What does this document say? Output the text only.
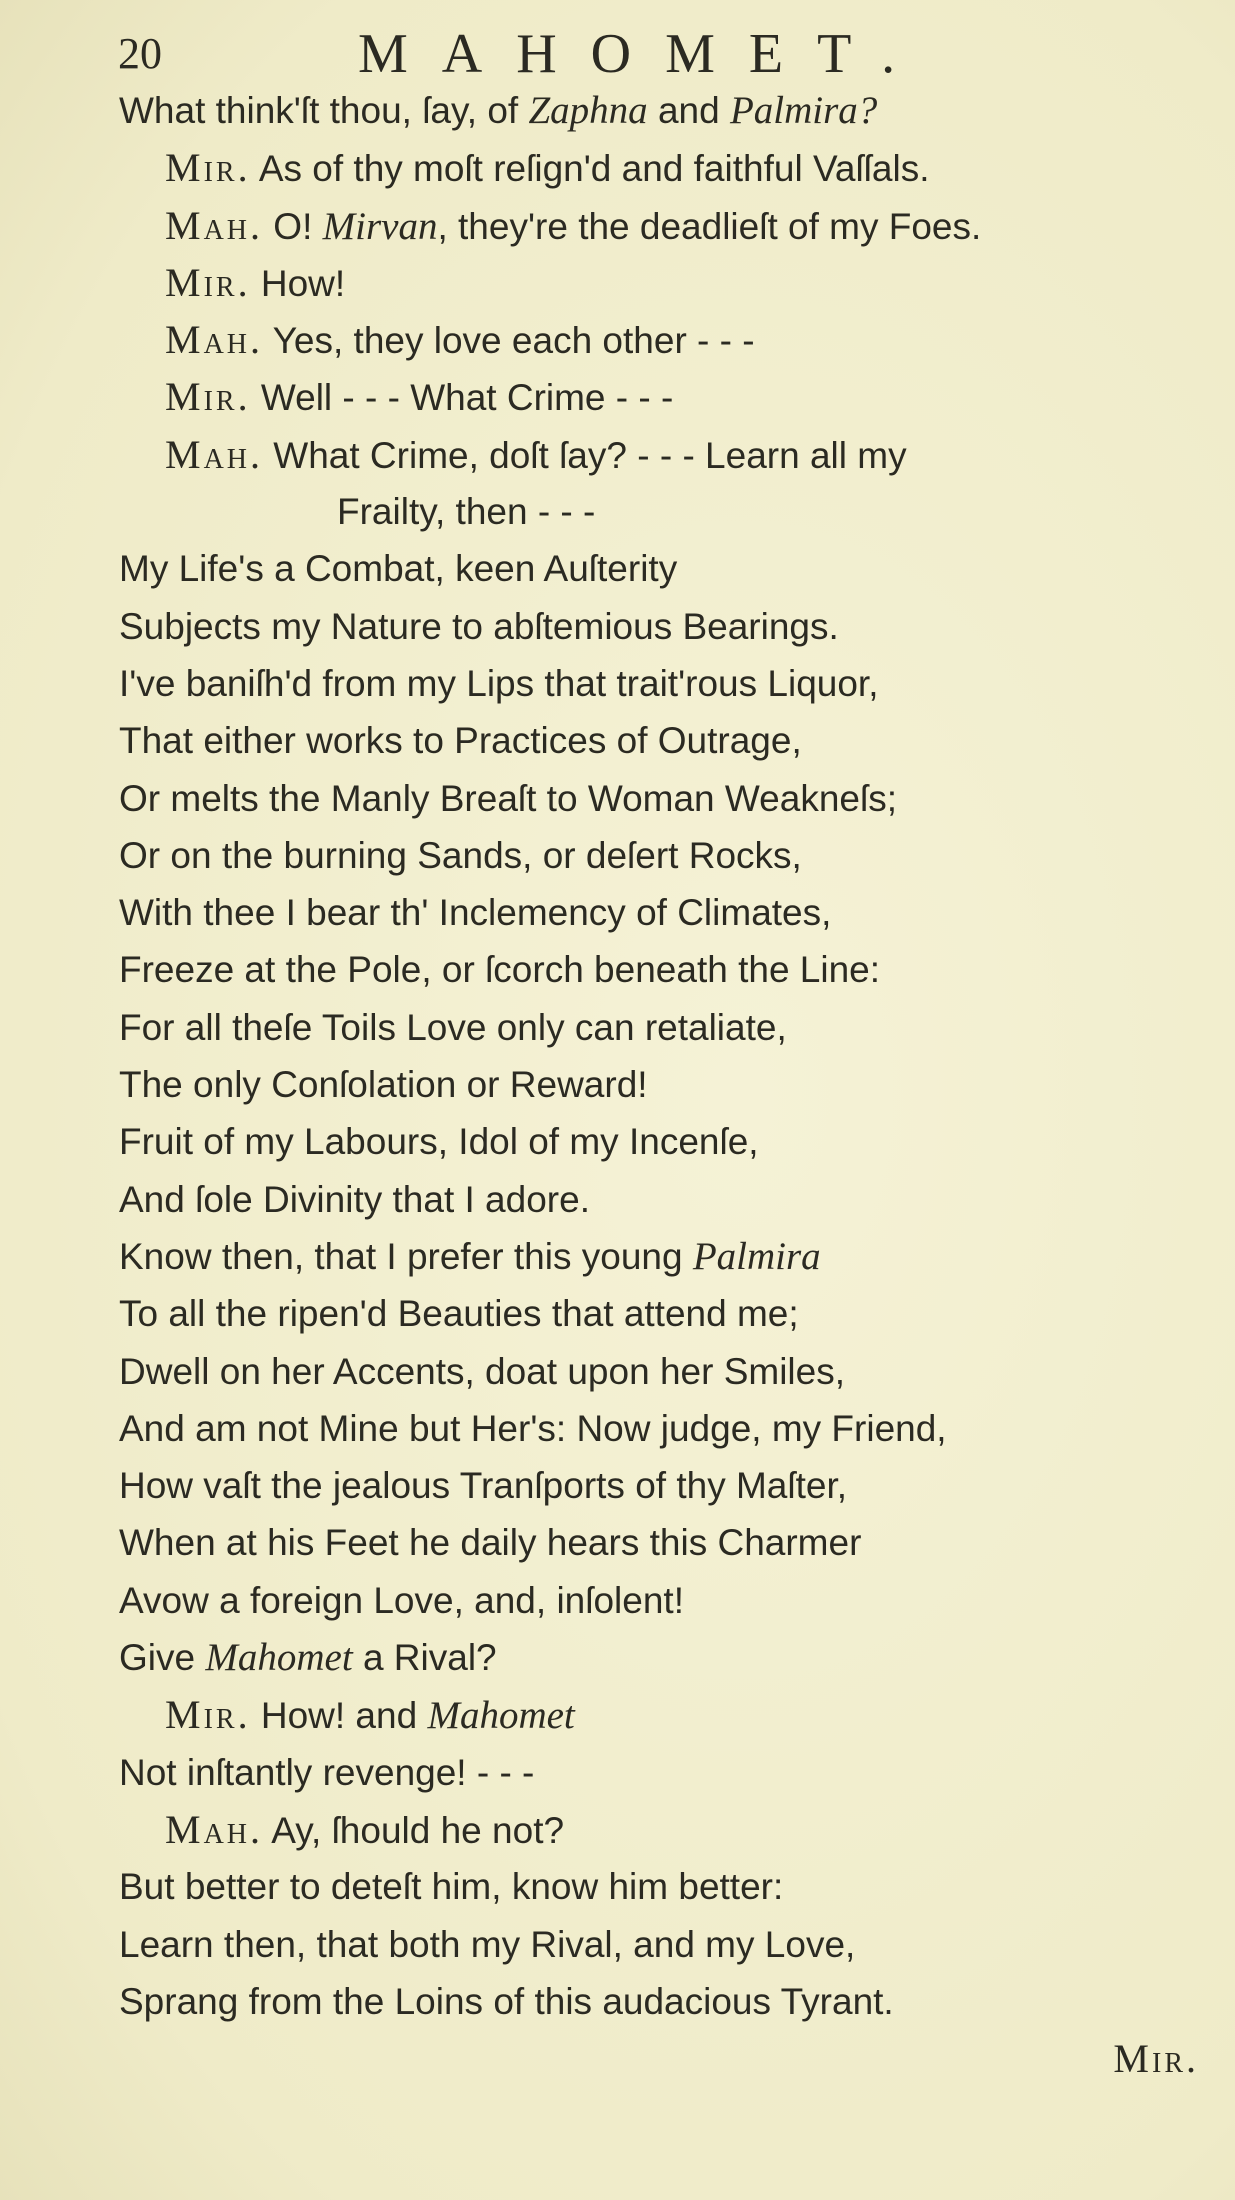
20	MAHOMET.
What think'ſt thou, ſay, of Zaphna and Palmira?
Mir. As of thy moſt reſign'd and faithful Vaſſals.
Mah. O! Mirvan, they're the deadlieſt of my Foes.
Mir. How!
Mah. Yes, they love each other - - -
Mir. Well - - - What Crime - - -
Mah. What Crime, doſt ſay? - - - Learn all my
Frailty, then - - -
My Life's a Combat, keen Auſterity
Subjects my Nature to abſtemious Bearings.
I've baniſh'd from my Lips that trait'rous Liquor,
That either works to Practices of Outrage,
Or melts the Manly Breaſt to Woman Weakneſs;
Or on the burning Sands, or deſert Rocks,
With thee I bear th' Inclemency of Climates,
Freeze at the Pole, or ſcorch beneath the Line:
For all theſe Toils Love only can retaliate,
The only Conſolation or Reward!
Fruit of my Labours, Idol of my Incenſe,
And ſole Divinity that I adore.
Know then, that I prefer this young Palmira
To all the ripen'd Beauties that attend me;
Dwell on her Accents, doat upon her Smiles,
And am not Mine but Her's: Now judge, my Friend,
How vaſt the jealous Tranſports of thy Maſter,
When at his Feet he daily hears this Charmer
Avow a foreign Love, and, inſolent!
Give Mahomet a Rival?
Mir. How! and Mahomet
Not inſtantly revenge! - - -
Mah. Ay, ſhould he not?
But better to deteſt him, know him better:
Learn then, that both my Rival, and my Love,
Sprang from the Loins of this audacious Tyrant.
Mir.
